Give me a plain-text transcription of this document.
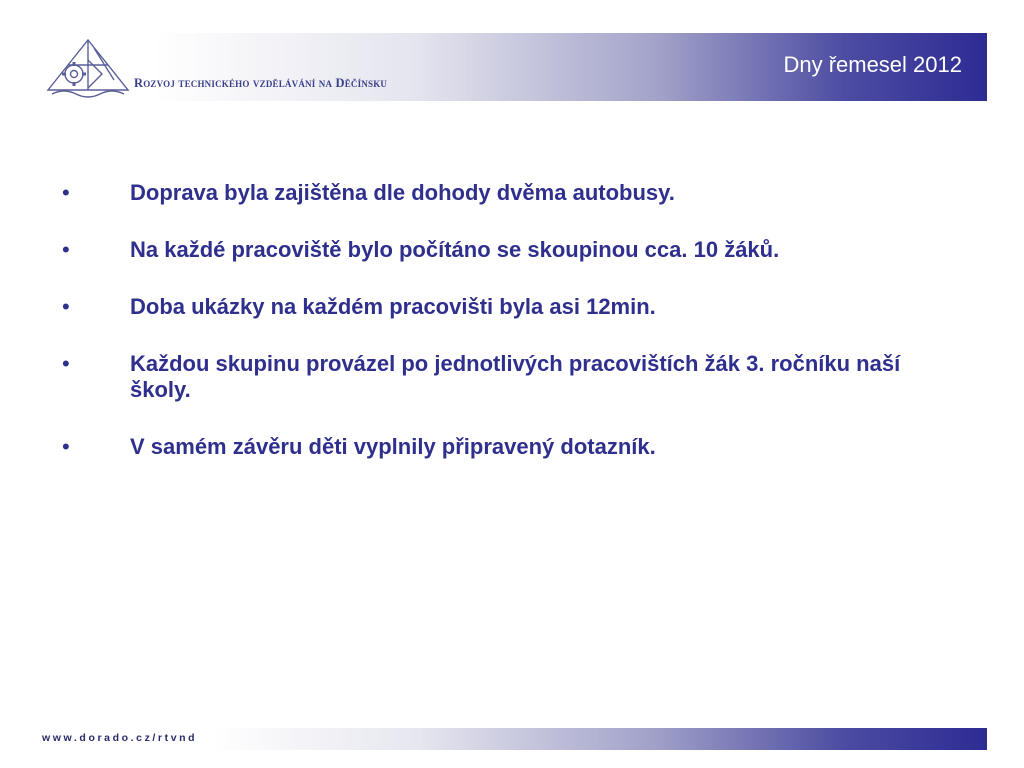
Rozvoj technického vzdělávání na Děčínsku
Dny řemesel 2012
•	Doprava byla zajištěna dle dohody dvěma autobusy.
•	Na každé pracoviště bylo počítáno se skoupinou cca. 10 žáků.
•	Doba ukázky na každém pracovišti byla asi 12min.
•	Každou skupinu provázel po jednotlivých pracovištích žák 3. ročníku naší školy.
•	V samém závěru děti vyplnily připravený dotazník.
www.dorado.cz/rtvnd
